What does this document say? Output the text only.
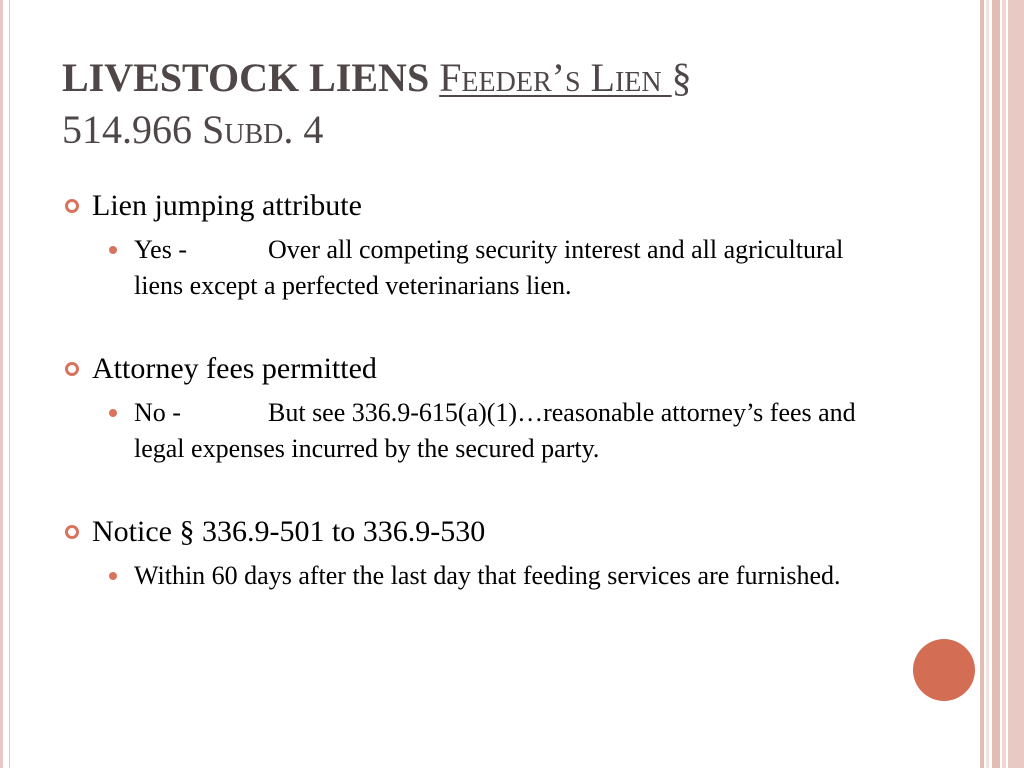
LIVESTOCK LIENS Feeder’s Lien §
514.966 Subd. 4
Lien jumping attribute
Yes -	Over all competing security interest and all agricultural liens except a perfected veterinarians lien.
Attorney fees permitted
No -	But see 336.9-615(a)(1)…reasonable attorney’s fees and legal expenses incurred by the secured party.
Notice § 336.9-501 to 336.9-530
Within 60 days after the last day that feeding services are furnished.
